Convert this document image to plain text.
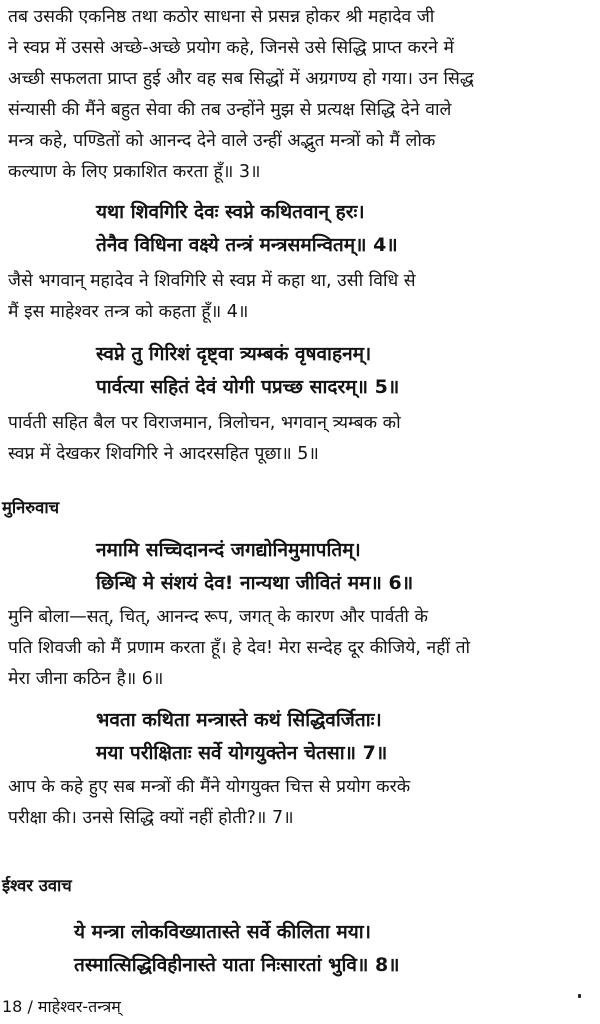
तब उसकी एकनिष्ठ तथा कठोर साधना से प्रसन्न होकर श्री महादेव जी
ने स्वप्न में उससे अच्छे-अच्छे प्रयोग कहे, जिनसे उसे सिद्धि प्राप्त करने में
अच्छी सफलता प्राप्त हुई और वह सब सिद्धों में अग्रगण्य हो गया। उन सिद्ध
संन्यासी की मैंने बहुत सेवा की तब उन्होंने मुझ से प्रत्यक्ष सिद्धि देने वाले
मन्त्र कहे, पण्डितों को आनन्द देने वाले उन्हीं अद्भुत मन्त्रों को मैं लोक
कल्याण के लिए प्रकाशित करता हूँ॥ 3॥
यथा शिवगिरि देवः स्वप्ने कथितवान् हरः।
तेनैव विधिना वक्ष्ये तन्त्रं मन्त्रसमन्वितम्॥ 4॥
जैसे भगवान् महादेव ने शिवगिरि से स्वप्न में कहा था, उसी विधि से
मैं इस माहेश्वर तन्त्र को कहता हूँ॥ 4॥
स्वप्ने तु गिरिशं दृष्ट्वा त्र्यम्बकं वृषवाहनम्।
पार्वत्या सहितं देवं योगी पप्रच्छ सादरम्॥ 5॥
पार्वती सहित बैल पर विराजमान, त्रिलोचन, भगवान् त्र्यम्बक को
स्वप्न में देखकर शिवगिरि ने आदरसहित पूछा॥ 5॥
मुनिरुवाच
नमामि सच्चिदानन्दं जगद्योनिमुमापतिम्।
छिन्धि मे संशयं देव! नान्यथा जीवितं मम॥ 6॥
मुनि बोला—सत्, चित्, आनन्द रूप, जगत् के कारण और पार्वती के
पति शिवजी को मैं प्रणाम करता हूँ। हे देव! मेरा सन्देह दूर कीजिये, नहीं तो
मेरा जीना कठिन है॥ 6॥
भवता कथिता मन्त्रास्ते कथं सिद्धिवर्जिताः।
मया परीक्षिताः सर्वे योगयुक्तेन चेतसा॥ 7॥
आप के कहे हुए सब मन्त्रों की मैंने योगयुक्त चित्त से प्रयोग करके
परीक्षा की। उनसे सिद्धि क्यों नहीं होती?॥ 7॥
ईश्वर उवाच
ये मन्त्रा लोकविख्यातास्ते सर्वे कीलिता मया।
तस्मात्सिद्धिविहीनास्ते याता निःसारतां भुवि॥ 8॥
18 / माहेश्वर-तन्त्रम्
